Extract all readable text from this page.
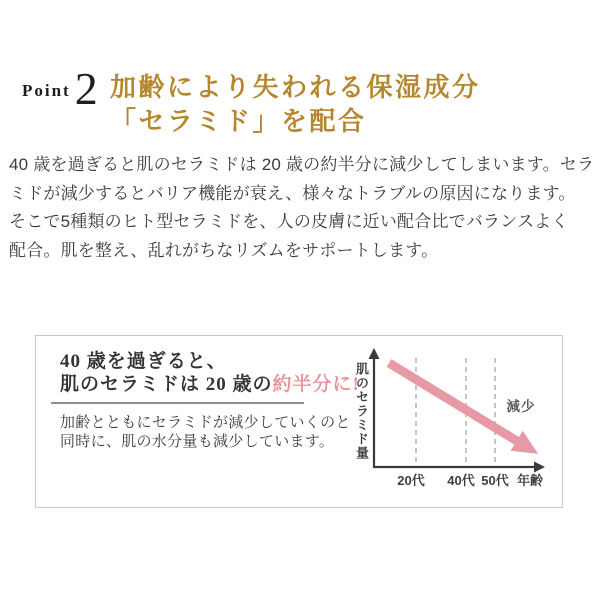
Point 2 加齢により失われる保湿成分
「セラミド」を配合
40 歳を過ぎると肌のセラミドは 20 歳の約半分に減少してしまいます。セラ
ミドが減少するとバリア機能が衰え、様々なトラブルの原因になります。
そこで5種類のヒト型セラミドを、人の皮膚に近い配合比でバランスよく
配合。肌を整え、乱れがちなリズムをサポートします。
40 歳を過ぎると、
肌のセラミドは 20 歳の約半分に!
加齢とともにセラミドが減少していくのと
同時に、肌の水分量も減少しています。	肌のセラミド量
20代 40代 50代 年齢
減少
